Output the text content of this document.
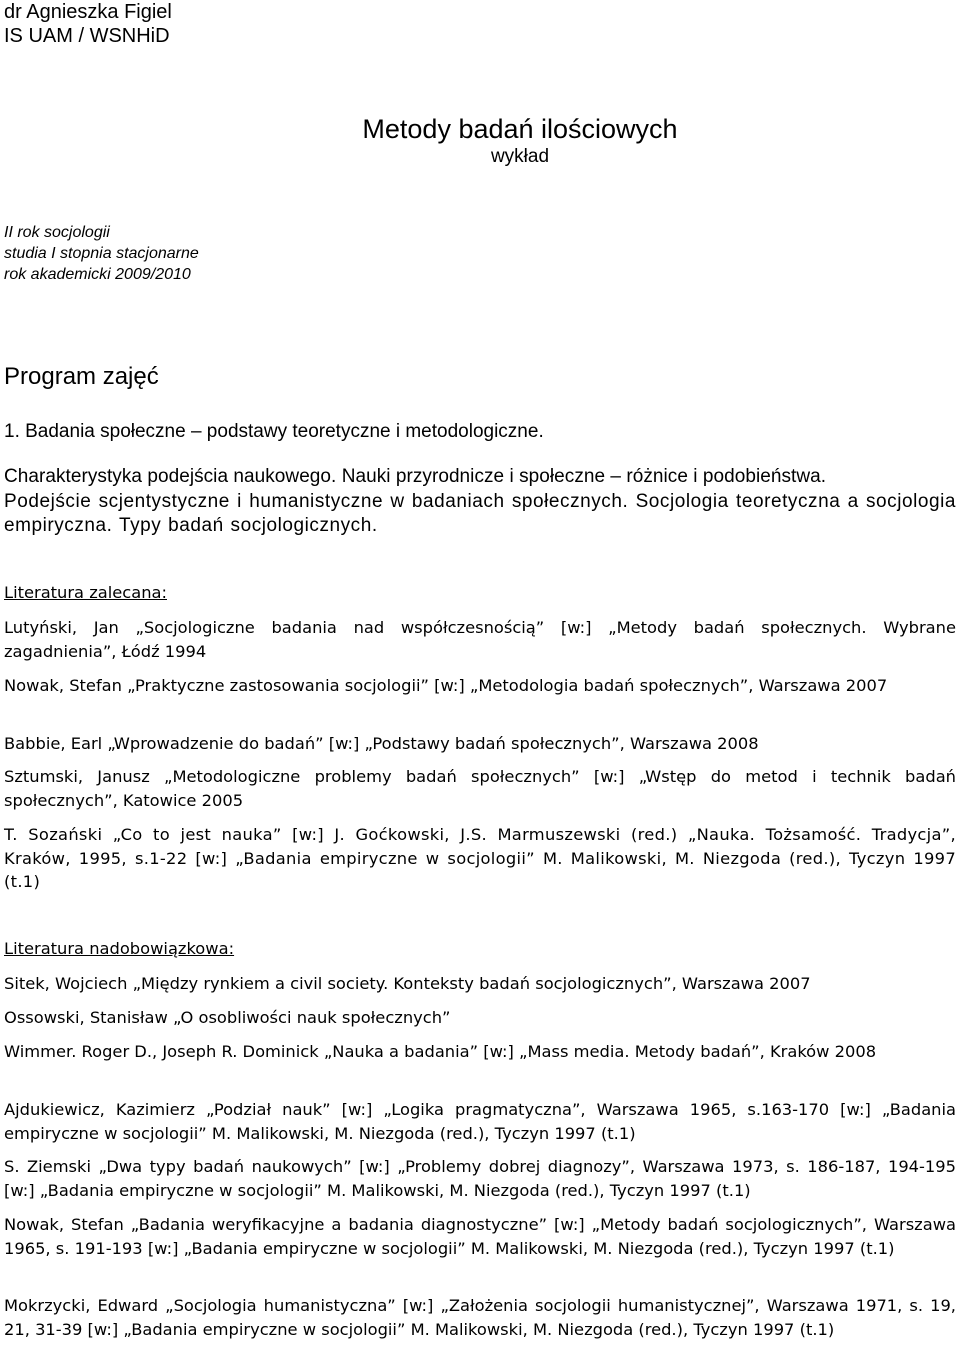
dr Agnieszka Figiel
IS UAM / WSNHiD
Metody badań ilościowych
wykład
II rok socjologii
studia I stopnia stacjonarne
rok akademicki 2009/2010
Program zajęć
1. Badania społeczne – podstawy teoretyczne i metodologiczne.
Charakterystyka podejścia naukowego. Nauki przyrodnicze i społeczne – różnice i podobieństwa.
Podejście scjentystyczne i humanistyczne w badaniach społecznych. Socjologia teoretyczna a socjologia empiryczna. Typy badań socjologicznych.
Literatura zalecana:
Lutyński, Jan „Socjologiczne badania nad współczesnością” [w:] „Metody badań społecznych. Wybrane zagadnienia”, Łódź 1994
Nowak, Stefan „Praktyczne zastosowania socjologii” [w:] „Metodologia badań społecznych”, Warszawa 2007
Babbie, Earl „Wprowadzenie do badań” [w:] „Podstawy badań społecznych”, Warszawa 2008
Sztumski, Janusz „Metodologiczne problemy badań społecznych” [w:] „Wstęp do metod i technik badań społecznych”, Katowice 2005
T. Sozański „Co to jest nauka” [w:] J. Goćkowski, J.S. Marmuszewski (red.) „Nauka. Tożsamość. Tradycja”, Kraków, 1995, s.1-22 [w:] „Badania empiryczne w socjologii” M. Malikowski, M. Niezgoda (red.), Tyczyn 1997 (t.1)
Literatura nadobowiązkowa:
Sitek, Wojciech „Między rynkiem a civil society. Konteksty badań socjologicznych”, Warszawa 2007
Ossowski, Stanisław „O osobliwości nauk społecznych”
Wimmer. Roger D., Joseph R. Dominick „Nauka a badania” [w:] „Mass media. Metody badań”, Kraków 2008
Ajdukiewicz, Kazimierz „Podział nauk” [w:] „Logika pragmatyczna”, Warszawa 1965, s.163-170 [w:] „Badania empiryczne w socjologii” M. Malikowski, M. Niezgoda (red.), Tyczyn 1997 (t.1)
S. Ziemski „Dwa typy badań naukowych” [w:] „Problemy dobrej diagnozy”, Warszawa 1973, s. 186-187, 194-195 [w:] „Badania empiryczne w socjologii” M. Malikowski, M. Niezgoda (red.), Tyczyn 1997 (t.1)
Nowak, Stefan „Badania weryfikacyjne a badania diagnostyczne” [w:] „Metody badań socjologicznych”, Warszawa 1965, s. 191-193 [w:] „Badania empiryczne w socjologii” M. Malikowski, M. Niezgoda (red.), Tyczyn 1997 (t.1)
Mokrzycki, Edward „Socjologia humanistyczna” [w:] „Założenia socjologii humanistycznej”, Warszawa 1971, s. 19, 21, 31-39 [w:] „Badania empiryczne w socjologii” M. Malikowski, M. Niezgoda (red.), Tyczyn 1997 (t.1)
